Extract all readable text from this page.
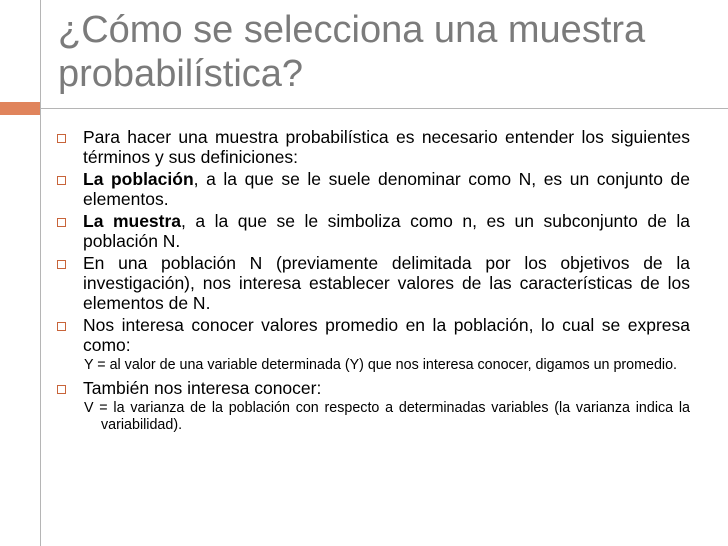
¿Cómo se selecciona una muestra probabilística?
Para hacer una muestra probabilística es necesario entender los siguientes términos y sus definiciones:
La población, a la que se le suele denominar como N, es un conjunto de elementos.
La muestra, a la que se le simboliza como n, es un subconjunto de la población N.
En una población N (previamente delimitada por los objetivos de la investigación), nos interesa establecer valores de las características de los elementos de N.
Nos interesa conocer valores promedio en la población, lo cual se expresa como:
Y = al valor de una variable determinada (Y) que nos interesa conocer, digamos un promedio.
También nos interesa conocer:
V = la varianza de la población con respecto a determinadas variables (la varianza indica la variabilidad).
